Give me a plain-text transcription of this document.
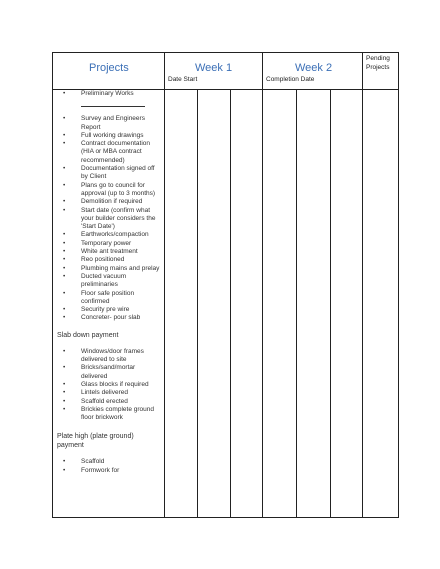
Projects	Week 1
Date Start
Week 2
Completion Date
Pending
Projects
• Preliminary Works
• Survey and Engineers Report
• Full working drawings
• Contract documentation (HIA or MBA contract recommended)
• Documentation signed off by Client
• Plans go to council for approval (up to 3 months)
• Demolition if required
• Start date (confirm what your builder considers the 'Start Date')
• Earthworks/compaction
• Temporary power
• White ant treatment
• Reo positioned
• Plumbing mains and prelay
• Ducted vacuum preliminaries
• Floor safe position confirmed
• Security pre wire
• Concreter- pour slab
Slab down payment
• Windows/door frames delivered to site
• Bricks/sand/mortar delivered
• Glass blocks if required
• Lintels delivered
• Scaffold erected
• Brickies complete ground floor brickwork
Plate high (plate ground) payment
• Scaffold
• Formwork for
